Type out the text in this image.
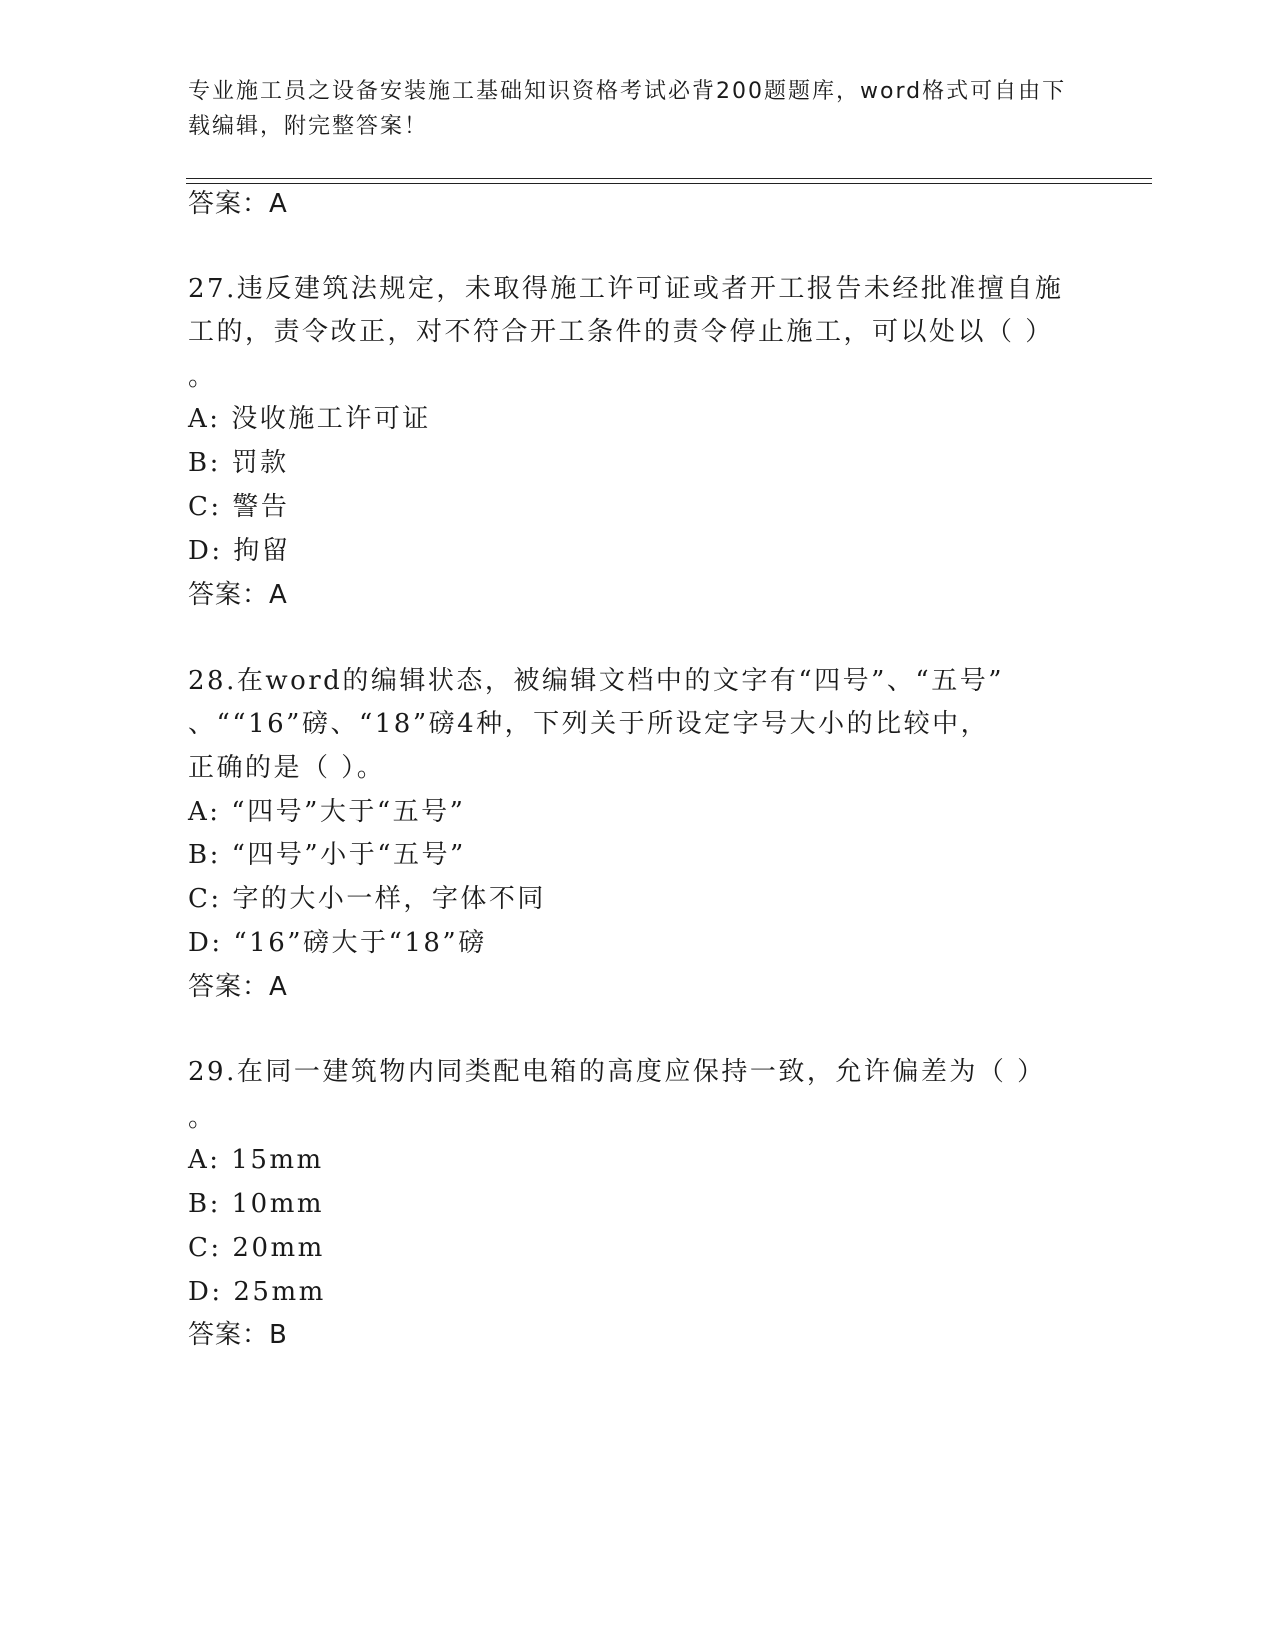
专业施工员之设备安装施工基础知识资格考试必背200题题库，word格式可自由下载编辑，附完整答案！
答案：A
27.违反建筑法规定，未取得施工许可证或者开工报告未经批准擅自施
工的，责令改正，对不符合开工条件的责令停止施工，可以处以（ ）
。
A: 没收施工许可证
B: 罚款
C: 警告
D: 拘留
答案：A
28.在word的编辑状态，被编辑文档中的文字有“四号”、“五号”
、““16”磅、“18”磅4种，下列关于所设定字号大小的比较中，
正确的是（ ）。
A: “四号”大于“五号”
B: “四号”小于“五号”
C: 字的大小一样，字体不同
D: “16”磅大于“18”磅
答案：A
29.在同一建筑物内同类配电箱的高度应保持一致，允许偏差为（ ）
。
A: 15mm
B: 10mm
C: 20mm
D: 25mm
答案：B
